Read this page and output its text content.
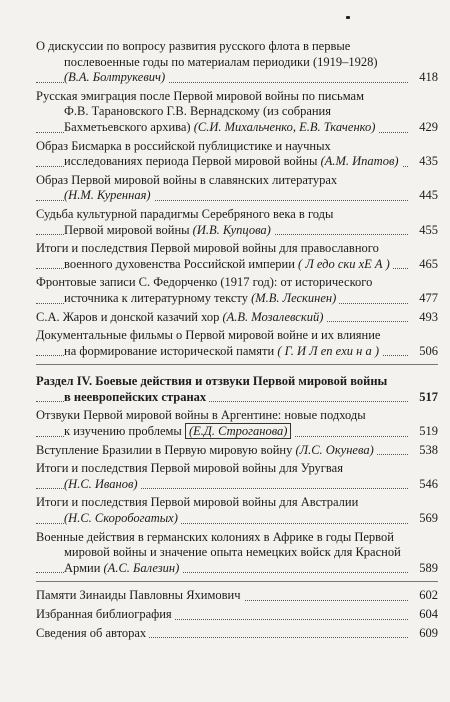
О дискуссии по вопросу развития русского флота в первые
послевоенные годы по материалам периодики (1919–1928)
(В.А. Болтрукевич)	418
Русская эмиграция после Первой мировой войны по письмам
Ф.В. Тарановского Г.В. Вернадскому (из собрания
Бахметьевского архива) (С.И. Михальченко, Е.В. Ткаченко)	429
Образ Бисмарка в российской публицистике и научных
исследованиях периода Первой мировой войны (А.М. Ипатов)	435
Образ Первой мировой войны в славянских литературах
(Н.М. Куренная)	445
Судьба культурной парадигмы Серебряного века в годы
Первой мировой войны (И.В. Купцова)	455
Итоги и последствия Первой мировой войны для православного
военного духовенства Российской империи ( Л едо ски хЕ А )	465
Фронтовые записи С. Федорченко (1917 год): от исторического
источника к литературному тексту (М.В. Лескинен)	477
С.А. Жаров и донской казачий хор (А.В. Мозалевский)	493
Документальные фильмы о Первой мировой войне и их влияние
на формирование исторической памяти ( Г. И Л еп exи н а )	506
Раздел IV. Боевые действия и отзвуки Первой мировой войны
в неевропейских странах	517
Отзвуки Первой мировой войны в Аргентине: новые подходы
к изучению проблемы (Е.Д. Строганова)	519
Вступление Бразилии в Первую мировую войну (Л.С. Окунева)	538
Итоги и последствия Первой мировой войны для Уругвая
(Н.С. Иванов)	546
Итоги и последствия Первой мировой войны для Австралии
(Н.С. Скоробогатых)	569
Военные действия в германских колониях в Африке в годы Первой
мировой войны и значение опыта немецких войск для Красной
Армии (А.С. Балезин)	589
Памяти Зинаиды Павловны Яхимович	602
Избранная библиография	604
Сведения об авторах	609
